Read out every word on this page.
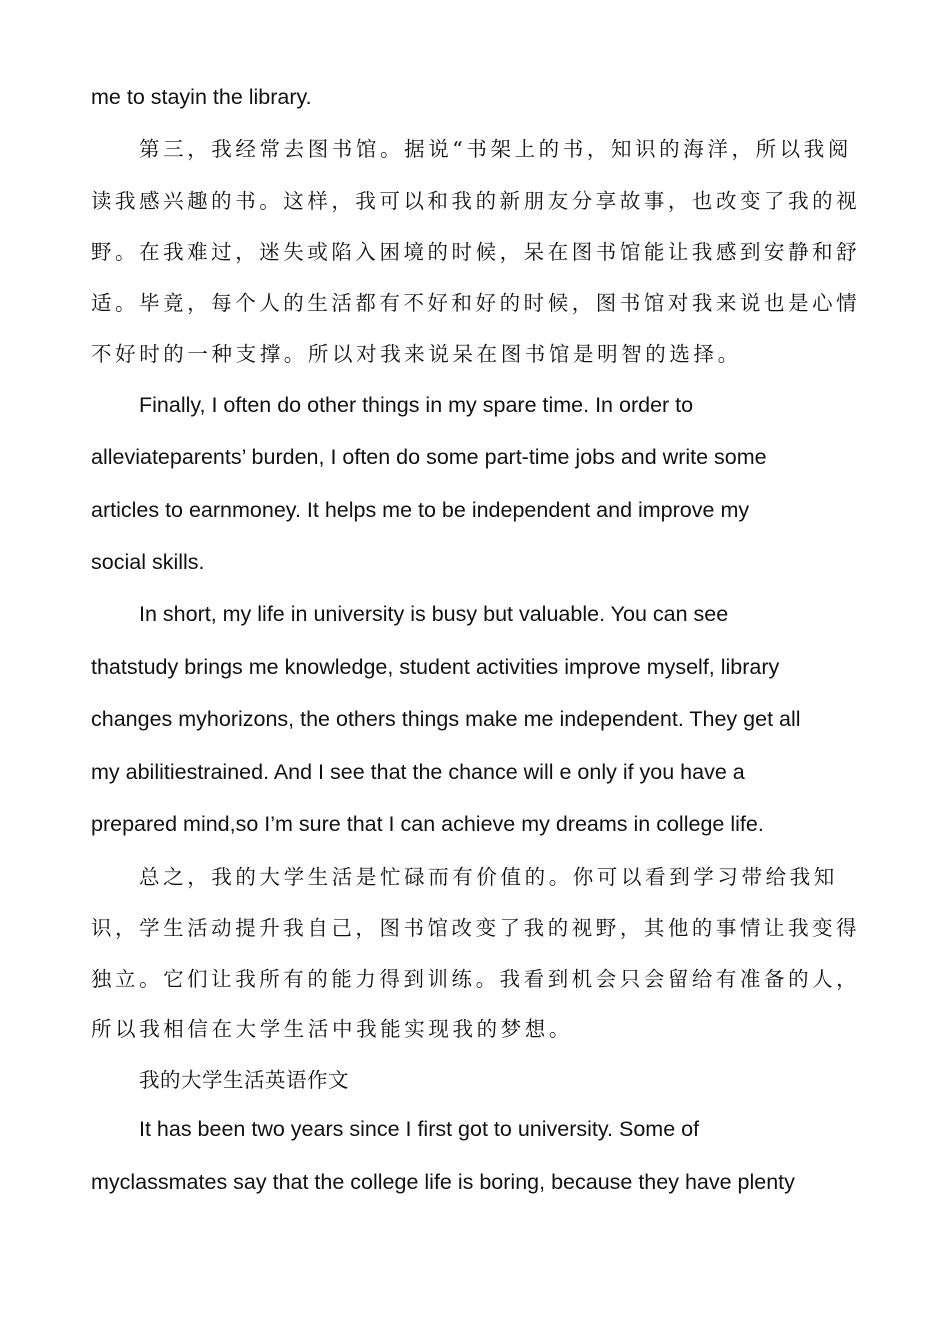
me to stayin the library.
第三，我经常去图书馆。据说“书架上的书，知识的海洋，所以我阅
读我感兴趣的书。这样，我可以和我的新朋友分享故事，也改变了我的视
野。在我难过，迷失或陷入困境的时候，呆在图书馆能让我感到安静和舒
适。毕竟，每个人的生活都有不好和好的时候，图书馆对我来说也是心情
不好时的一种支撑。所以对我来说呆在图书馆是明智的选择。
Finally, I often do other things in my spare time. In order to
alleviateparents’ burden, I often do some part-time jobs and write some
articles to earnmoney. It helps me to be independent and improve my
social skills.
In short, my life in university is busy but valuable. You can see
thatstudy brings me knowledge, student activities improve myself, library
changes myhorizons, the others things make me independent. They get all
my abilitiestrained. And I see that the chance will e only if you have a
prepared mind,so I’m sure that I can achieve my dreams in college life.
总之，我的大学生活是忙碌而有价值的。你可以看到学习带给我知
识，学生活动提升我自己，图书馆改变了我的视野，其他的事情让我变得
独立。它们让我所有的能力得到训练。我看到机会只会留给有准备的人，
所以我相信在大学生活中我能实现我的梦想。
我的大学生活英语作文
It has been two years since I first got to university. Some of
myclassmates say that the college life is boring, because they have plenty
